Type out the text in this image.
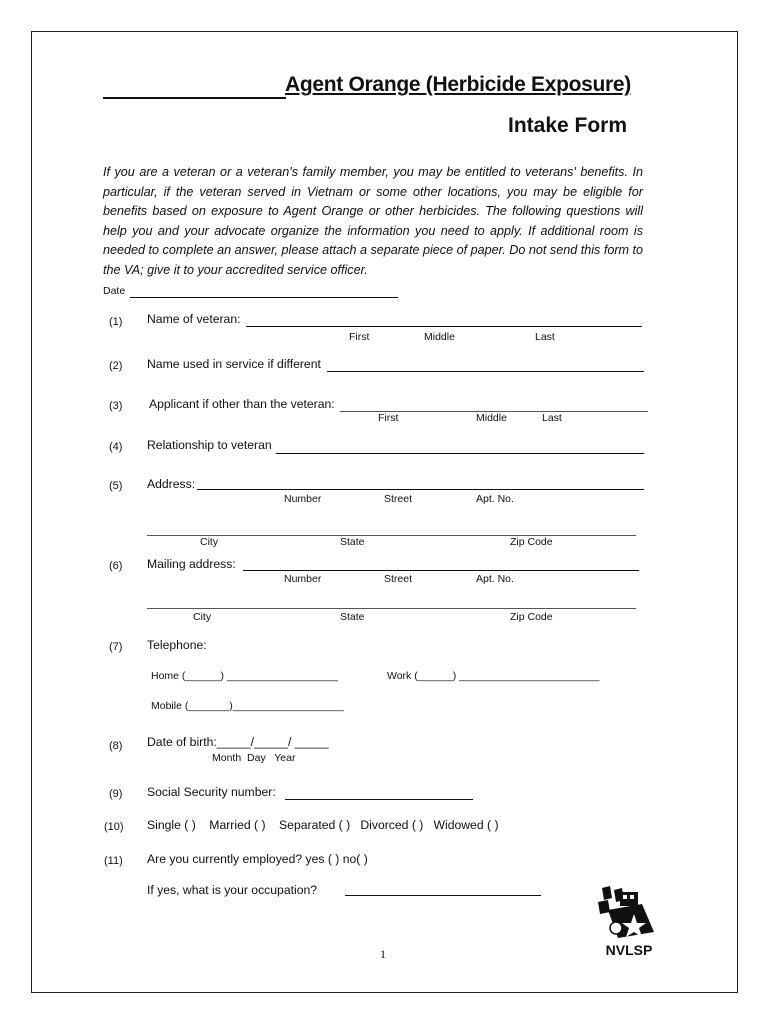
Agent Orange (Herbicide Exposure)
Intake Form
If you are a veteran or a veteran's family member, you may be entitled to veterans' benefits. In particular, if the veteran served in Vietnam or some other locations, you may be eligible for benefits based on exposure to Agent Orange or other herbicides. The following questions will help you and your advocate organize the information you need to apply. If additional room is needed to complete an answer, please attach a separate piece of paper. Do not send this form to the VA; give it to your accredited service officer.
Date
(1) Name of veteran:
First	Middle	Last
(2) Name used in service if different
(3) Applicant if other than the veteran:
First	Middle	Last
(4) Relationship to veteran
(5) Address:
Number	Street	Apt. No.
City	State	Zip Code
(6) Mailing address:
Number	Street	Apt. No.
City	State	Zip Code
(7) Telephone:
Home (______) ___________________	Work (______) ________________________
Mobile (_______)___________________
(8) Date of birth:_____/_____/ _____
Month  Day   Year
(9) Social Security number:
(10) Single ( )    Married ( )    Separated ( )   Divorced ( )   Widowed ( )
(11) Are you currently employed? yes ( ) no( )
If yes, what is your occupation?
1	NVLSP
